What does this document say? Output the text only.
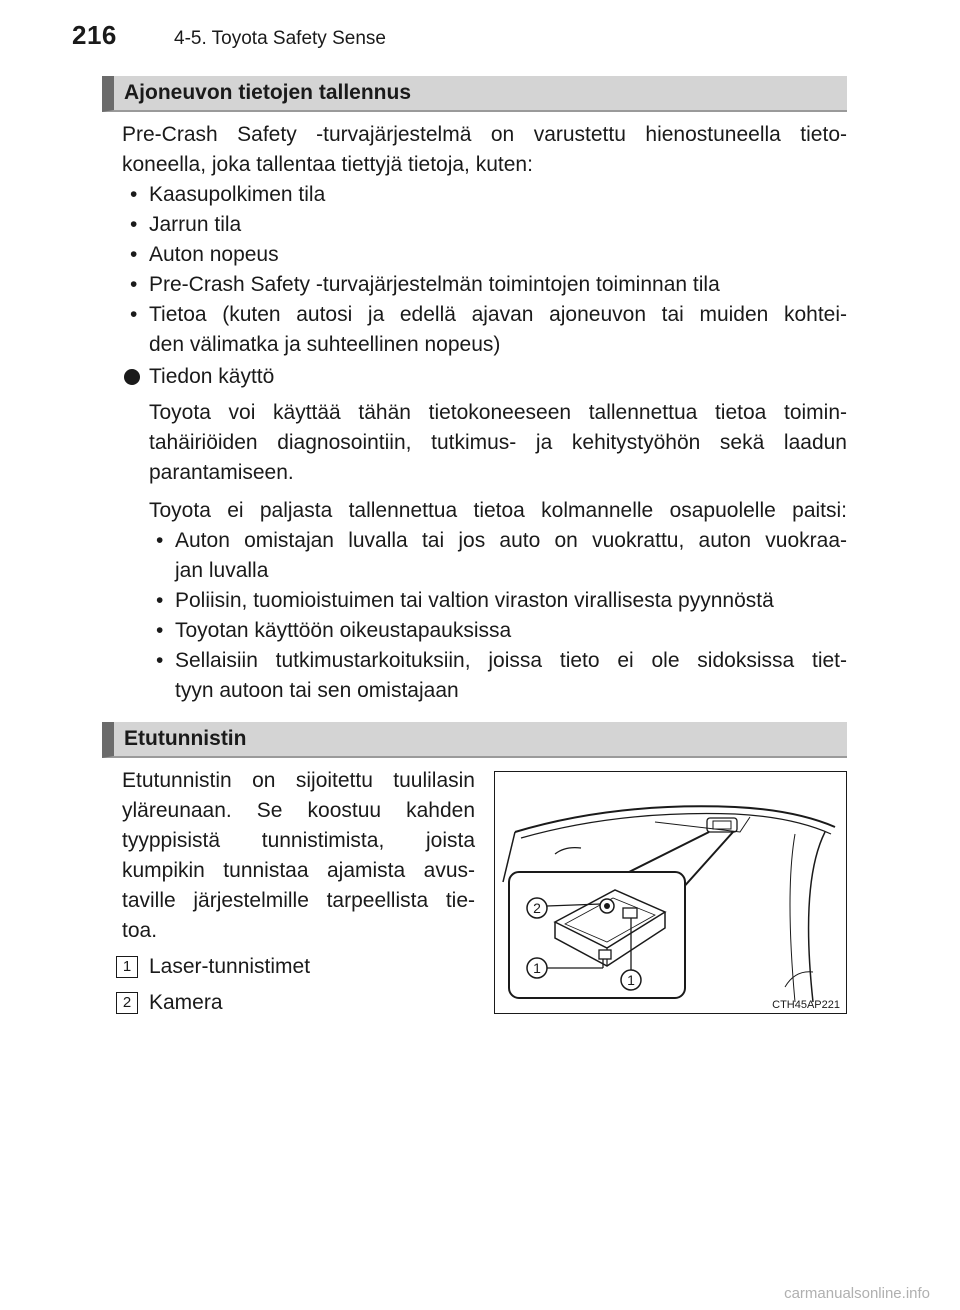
216	4-5. Toyota Safety Sense
Ajoneuvon tietojen tallennus
Pre-Crash Safety -turvajärjestelmä on varustettu hienostuneella tieto-
koneella, joka tallentaa tiettyjä tietoja, kuten:
• Kaasupolkimen tila
• Jarrun tila
• Auton nopeus
• Pre-Crash Safety -turvajärjestelmän toimintojen toiminnan tila
• Tietoa (kuten autosi ja edellä ajavan ajoneuvon tai muiden kohtei-
den välimatka ja suhteellinen nopeus)
Tiedon käyttö
Toyota voi käyttää tähän tietokoneeseen tallennettua tietoa toimin-
tahäiriöiden diagnosointiin, tutkimus- ja kehitystyöhön sekä laadun
parantamiseen.
Toyota ei paljasta tallennettua tietoa kolmannelle osapuolelle paitsi:
• Auton omistajan luvalla tai jos auto on vuokrattu, auton vuokraa-
jan luvalla
• Poliisin, tuomioistuimen tai valtion viraston virallisesta pyynnöstä
• Toyotan käyttöön oikeustapauksissa
• Sellaisiin tutkimustarkoituksiin, joissa tieto ei ole sidoksissa tiet-
tyyn autoon tai sen omistajaan
Etutunnistin
Etutunnistin on sijoitettu tuulilasin
yläreunaan. Se koostuu kahden
tyyppisistä tunnistimista, joista
kumpikin tunnistaa ajamista avus-
taville järjestelmille tarpeellista tie-
toa.
1 Laser-tunnistimet
2 Kamera
2
1
1
CTH45AP221
carmanualsonline.info
